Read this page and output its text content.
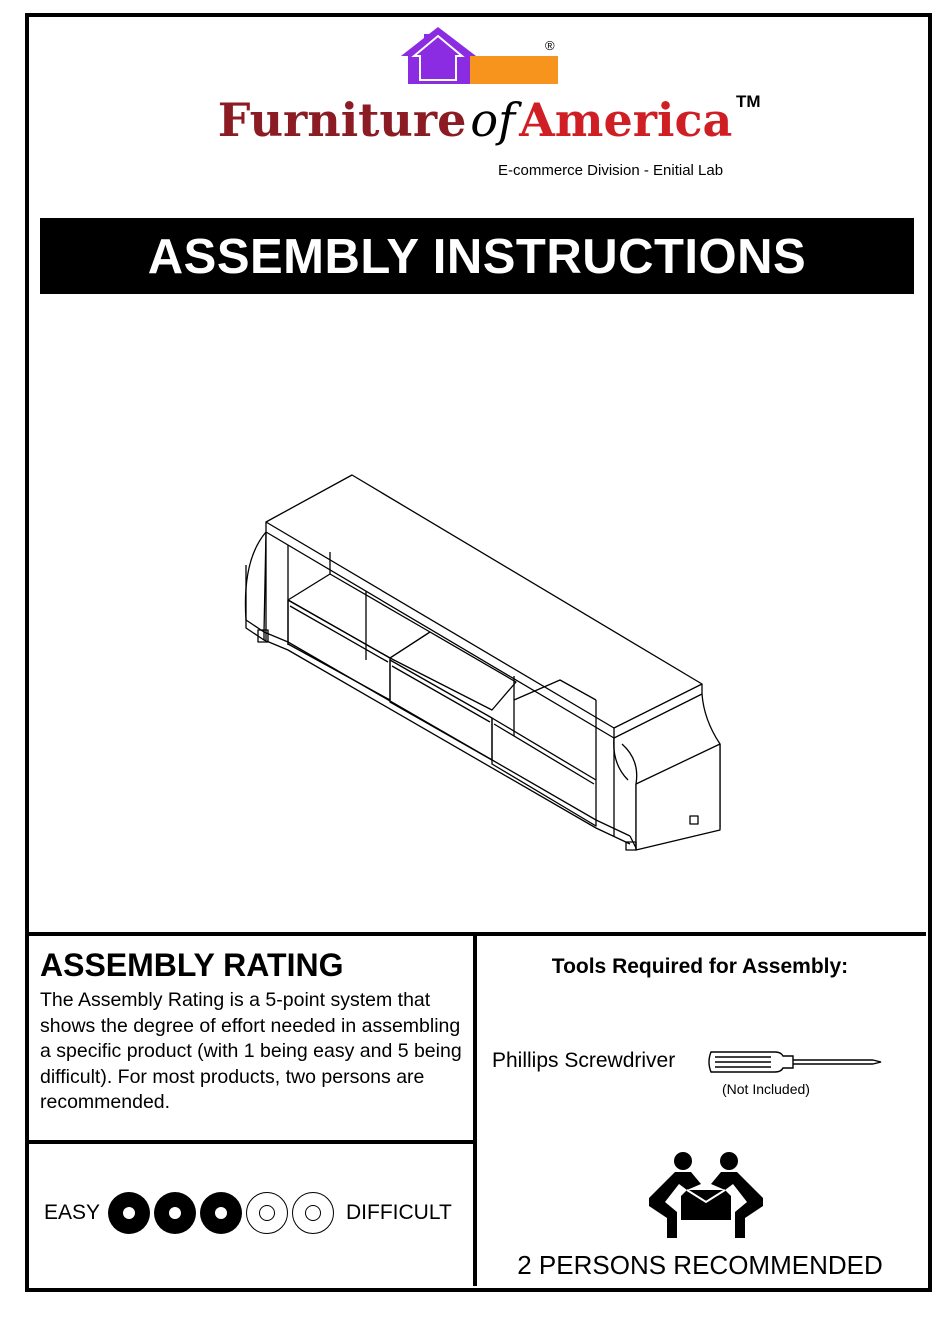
®
FurnitureofAmerica TM
E-commerce Division - Enitial Lab
ASSEMBLY INSTRUCTIONS
ASSEMBLY RATING
The Assembly Rating is a 5-point system that shows the degree of effort needed in assembling a specific product (with 1 being easy and 5 being difficult). For most products, two persons are recommended.
EASY	DIFFICULT
Tools Required for Assembly:
Phillips Screwdriver
(Not Included)
2 PERSONS RECOMMENDED
